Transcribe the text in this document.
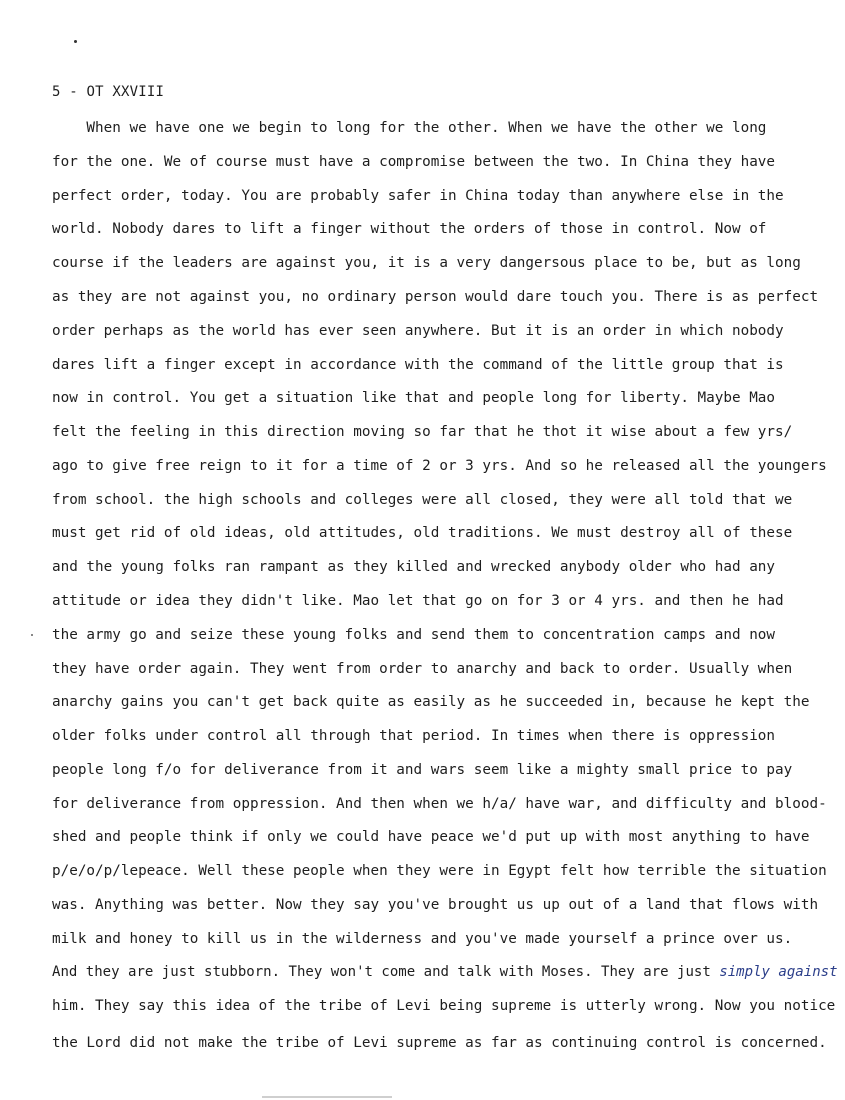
5 - OT XXVIII
When we have one we begin to long for the other. When we have the other we long
for the one. We of course must have a compromise between the two. In China they have
perfect order, today. You are probably safer in China today than anywhere else in the
world. Nobody dares to lift a finger without the orders of those in control. Now of
course if the leaders are against you, it is a very dangersous place to be, but as long
as they are not against you, no ordinary person would dare touch you. There is as perfect
order perhaps as the world has ever seen anywhere. But it is an order in which nobody
dares lift a finger except in accordance with the command of the little group that is
now in control. You get a situation like that and people long for liberty. Maybe Mao
felt the feeling in this direction moving so far that he thot it wise about a few yrs/
ago to give free reign to it for a time of 2 or 3 yrs. And so he released all the youngers
from school. the high schools and colleges were all closed, they were all told that we
must get rid of old ideas, old attitudes, old traditions. We must destroy all of these
and the young folks ran rampant as they killed and wrecked anybody older who had any
attitude or idea they didn't like. Mao let that go on for 3 or 4 yrs. and then he had
the army go and seize these young folks and send them to concentration camps and now
they have order again. They went from order to anarchy and back to order. Usually when
anarchy gains you can't get back quite as easily as he succeeded in, because he kept the
older folks under control all through that period. In times when there is oppression
people long f/o for deliverance from it and wars seem like a mighty small price to pay
for deliverance from oppression. And then when we h/a/ have war, and difficulty and blood-
shed and people think if only we could have peace we'd put up with most anything to have
p/e/o/p/lepeace. Well these people when they were in Egypt felt how terrible the situation
was. Anything was better. Now they say you've brought us up out of a land that flows with
milk and honey to kill us in the wilderness and you've made yourself a prince over us.
And they are just stubborn. They won't come and talk with Moses. They are just simply against
him. They say this idea of the tribe of Levi being supreme is utterly wrong. Now you notice
the Lord did not make the tribe of Levi supreme as far as continuing control is concerned.
